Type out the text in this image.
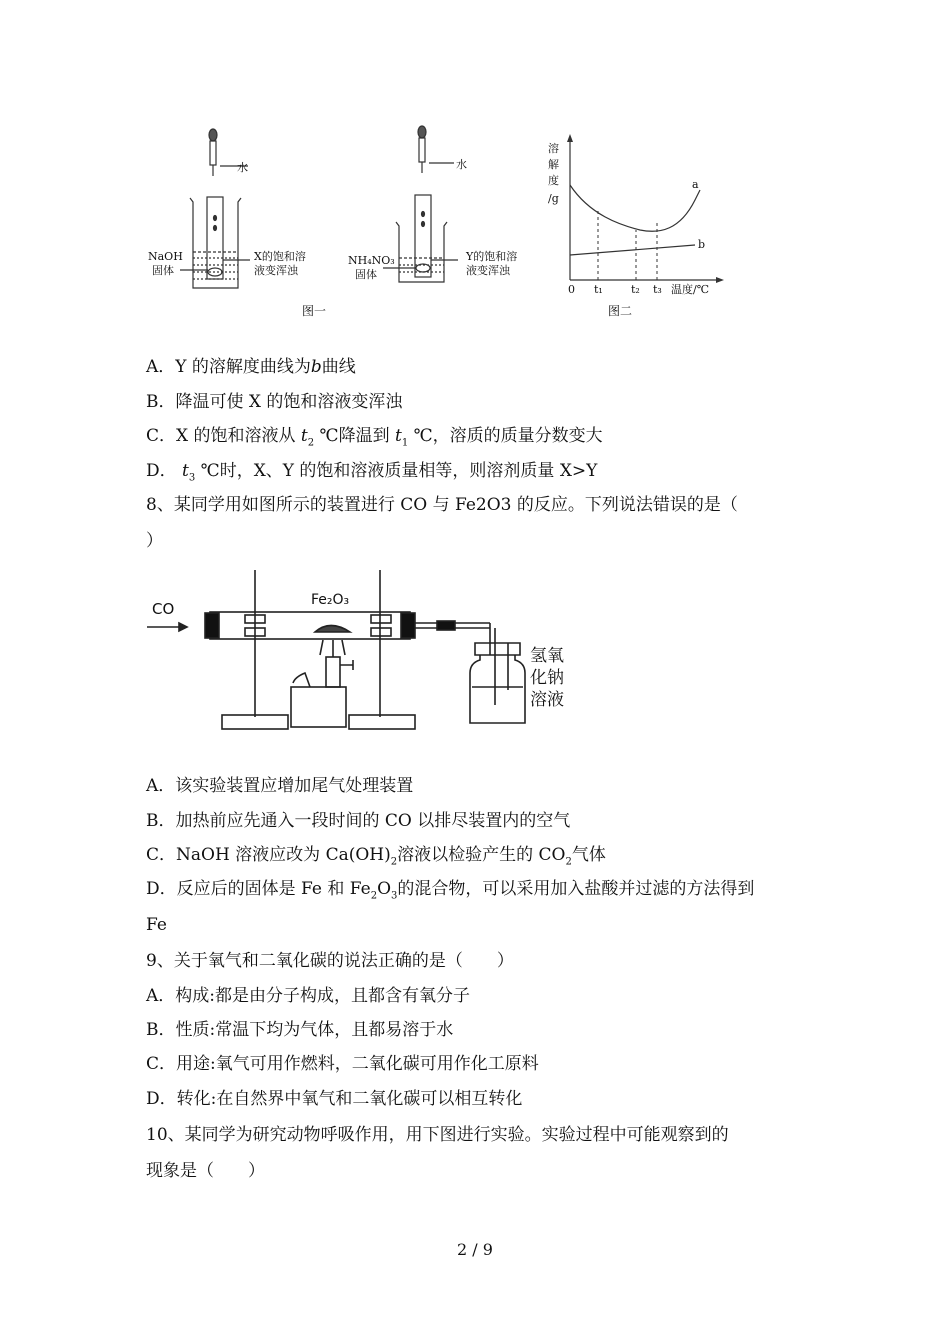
水
NaOH
固体
X的饱和溶
液变浑浊
水
NH₄NO₃
固体
Y的饱和溶
液变浑浊
图一
溶
解
度
/g
a
b
0 t₁	t₂ t₃ 温度/℃
图二
A．Y 的溶解度曲线为b曲线
B．降温可使 X 的饱和溶液变浑浊
C．X 的饱和溶液从 $t_2$ ℃降温到 $t_1$ ℃，溶质的质量分数变大
D． $t_3$ ℃时，X、Y 的饱和溶液质量相等，则溶剂质量 X>Y
8、某同学用如图所示的装置进行 CO 与 Fe2O3 的反应。下列说法错误的是（
）
CO	Fe₂O₃
氢氧
化钠
溶液
A．该实验装置应增加尾气处理装置
B．加热前应先通入一段时间的 CO 以排尽装置内的空气
C．NaOH 溶液应改为 $Ca(OH)_2$溶液以检验产生的 $CO_2$气体
D．反应后的固体是 Fe 和 $Fe_2O_3$的混合物，可以采用加入盐酸并过滤的方法得到
Fe
9、关于氧气和二氧化碳的说法正确的是（　　）
A．构成:都是由分子构成，且都含有氧分子
B．性质:常温下均为气体，且都易溶于水
C．用途:氧气可用作燃料，二氧化碳可用作化工原料
D．转化:在自然界中氧气和二氧化碳可以相互转化
10、某同学为研究动物呼吸作用，用下图进行实验。实验过程中可能观察到的
现象是（　　）
2 / 9
